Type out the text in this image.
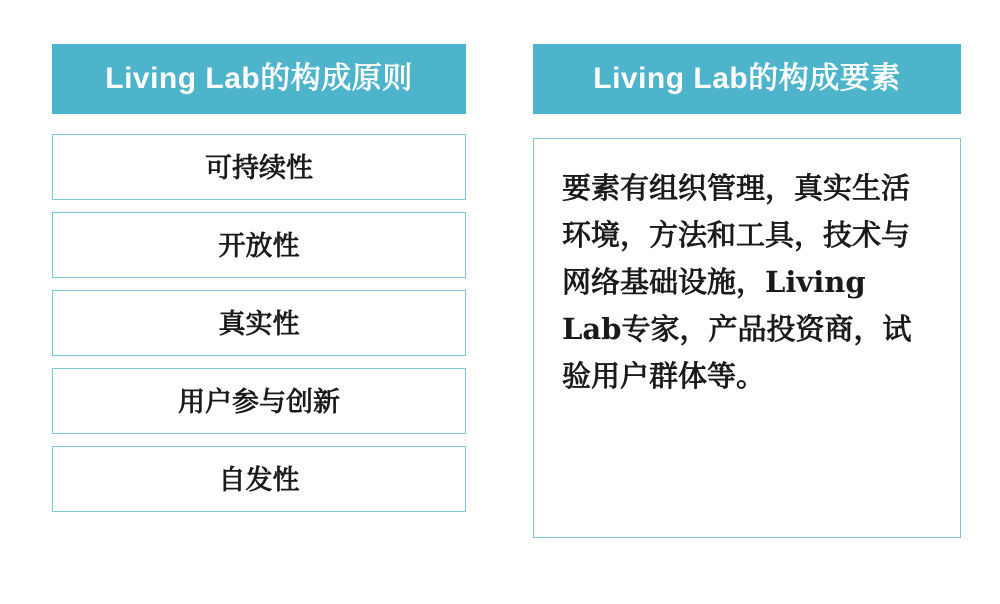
Living Lab的构成原则
可持续性
开放性
真实性
用户参与创新
自发性
Living Lab的构成要素
要素有组织管理，真实生活环境，方法和工具，技术与网络基础设施，Living Lab专家，产品投资商，试验用户群体等。
